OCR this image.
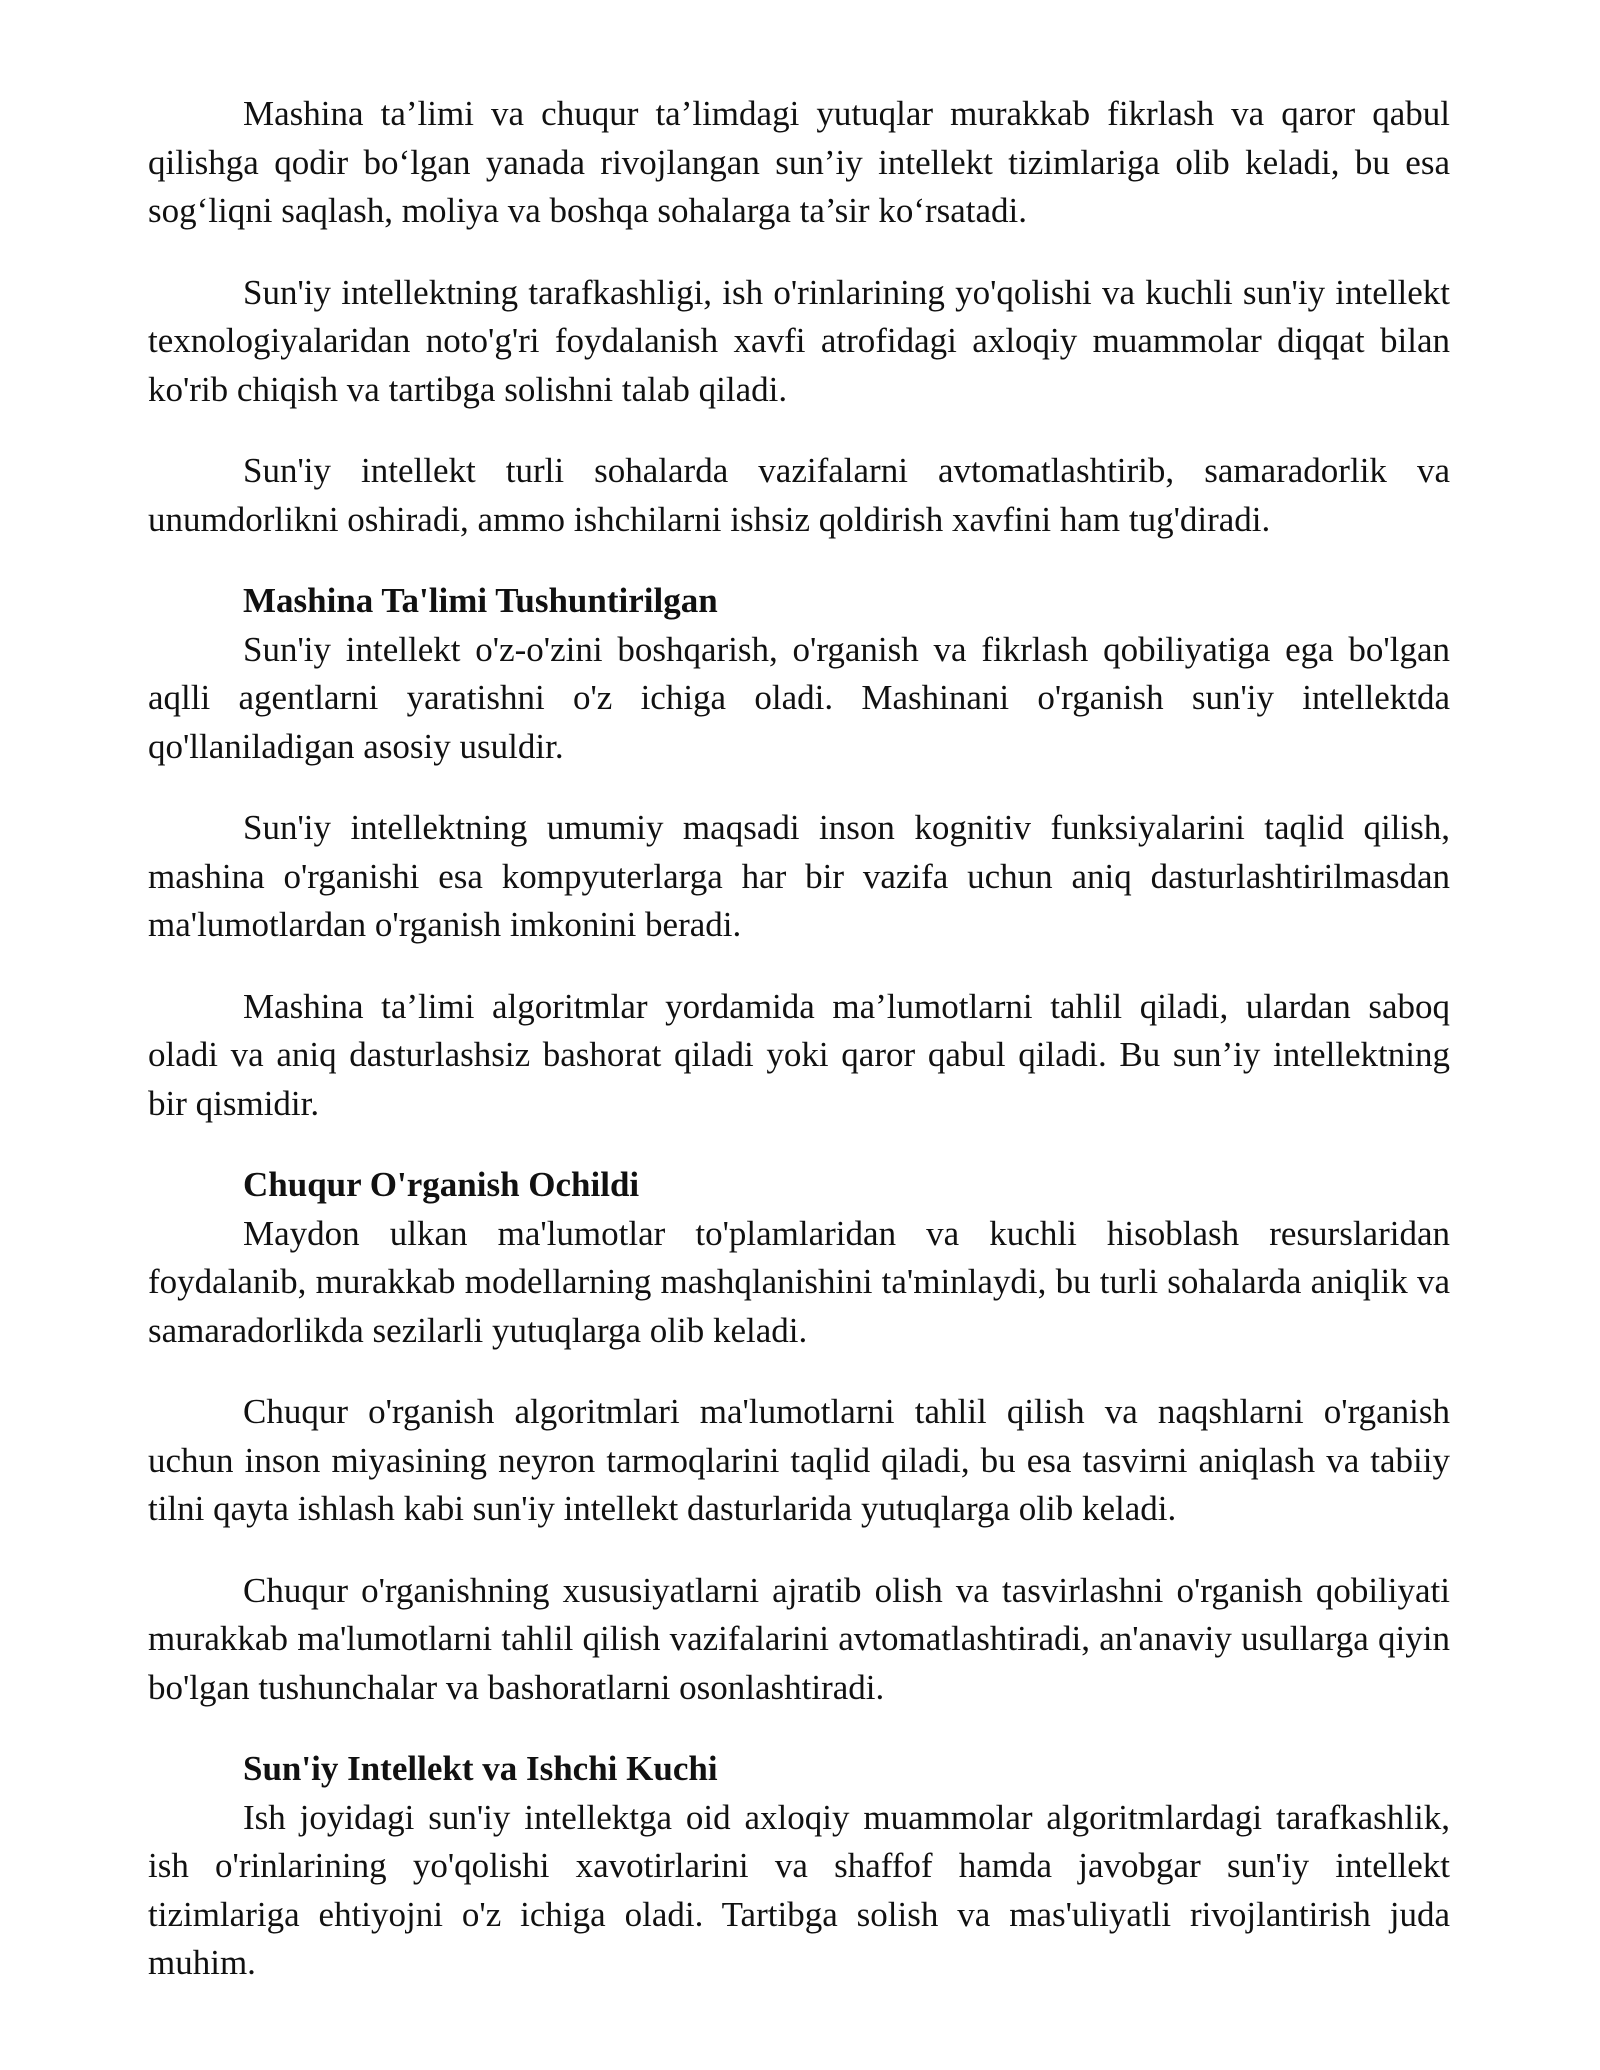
Mashina ta’limi va chuqur ta’limdagi yutuqlar murakkab fikrlash va qaror qabul qilishga qodir bo‘lgan yanada rivojlangan sun’iy intellekt tizimlariga olib keladi, bu esa sog‘liqni saqlash, moliya va boshqa sohalarga ta’sir ko‘rsatadi.

Sun'iy intellektning tarafkashligi, ish o'rinlarining yo'qolishi va kuchli sun'iy intellekt texnologiyalaridan noto'g'ri foydalanish xavfi atrofidagi axloqiy muammolar diqqat bilan ko'rib chiqish va tartibga solishni talab qiladi.

Sun'iy intellekt turli sohalarda vazifalarni avtomatlashtirib, samaradorlik va unumdorlikni oshiradi, ammo ishchilarni ishsiz qoldirish xavfini ham tug'diradi.

Mashina Ta'limi Tushuntirilgan

Sun'iy intellekt o'z-o'zini boshqarish, o'rganish va fikrlash qobiliyatiga ega bo'lgan aqlli agentlarni yaratishni o'z ichiga oladi. Mashinani o'rganish sun'iy intellektda qo'llaniladigan asosiy usuldir.

Sun'iy intellektning umumiy maqsadi inson kognitiv funksiyalarini taqlid qilish, mashina o'rganishi esa kompyuterlarga har bir vazifa uchun aniq dasturlashtirilmasdan ma'lumotlardan o'rganish imkonini beradi.

Mashina ta’limi algoritmlar yordamida ma’lumotlarni tahlil qiladi, ulardan saboq oladi va aniq dasturlashsiz bashorat qiladi yoki qaror qabul qiladi. Bu sun’iy intellektning bir qismidir.

Chuqur O'rganish Ochildi

Maydon ulkan ma'lumotlar to'plamlaridan va kuchli hisoblash resurslaridan foydalanib, murakkab modellarning mashqlanishini ta'minlaydi, bu turli sohalarda aniqlik va samaradorlikda sezilarli yutuqlarga olib keladi.

Chuqur o'rganish algoritmlari ma'lumotlarni tahlil qilish va naqshlarni o'rganish uchun inson miyasining neyron tarmoqlarini taqlid qiladi, bu esa tasvirni aniqlash va tabiiy tilni qayta ishlash kabi sun'iy intellekt dasturlarida yutuqlarga olib keladi.

Chuqur o'rganishning xususiyatlarni ajratib olish va tasvirlashni o'rganish qobiliyati murakkab ma'lumotlarni tahlil qilish vazifalarini avtomatlashtiradi, an'anaviy usullarga qiyin bo'lgan tushunchalar va bashoratlarni osonlashtiradi.

Sun'iy Intellekt va Ishchi Kuchi

Ish joyidagi sun'iy intellektga oid axloqiy muammolar algoritmlardagi tarafkashlik, ish o'rinlarining yo'qolishi xavotirlarini va shaffof hamda javobgar sun'iy intellekt tizimlariga ehtiyojni o'z ichiga oladi. Tartibga solish va mas'uliyatli rivojlantirish juda muhim.
